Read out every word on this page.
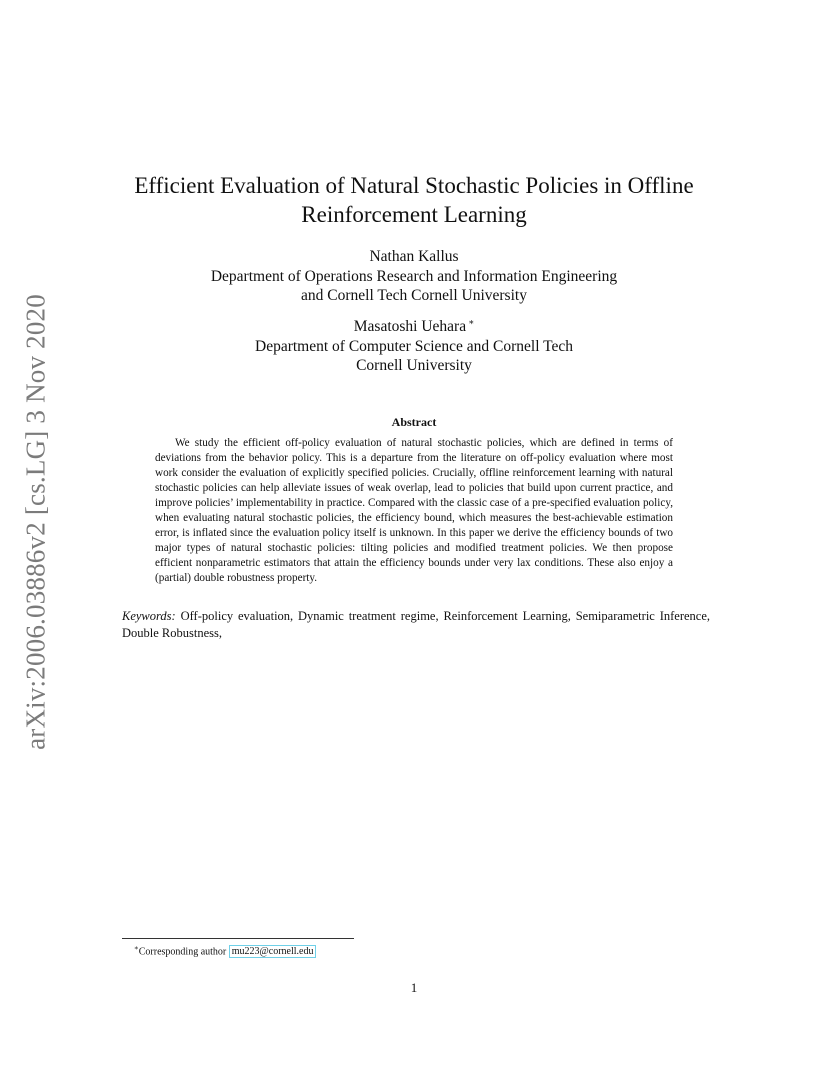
arXiv:2006.03886v2 [cs.LG] 3 Nov 2020
Efficient Evaluation of Natural Stochastic Policies in Offline
Reinforcement Learning
Nathan Kallus
Department of Operations Research and Information Engineering
and Cornell Tech Cornell University
Masatoshi Uehara ∗
Department of Computer Science and Cornell Tech
Cornell University
Abstract

We study the efficient off-policy evaluation of natural stochastic policies, which are defined in terms of deviations from the behavior policy. This is a departure from the literature on off-policy evaluation where most work consider the evaluation of explicitly specified policies. Crucially, offline reinforcement learning with natural stochastic policies can help alleviate issues of weak overlap, lead to policies that build upon current practice, and improve policies’ implementability in practice. Compared with the classic case of a pre-specified evaluation policy, when evaluating natural stochastic policies, the efficiency bound, which measures the best-achievable estimation error, is inflated since the evaluation policy itself is unknown. In this paper we derive the efficiency bounds of two major types of natural stochastic policies: tilting policies and modified treatment policies. We then propose efficient nonparametric estimators that attain the efficiency bounds under very lax conditions. These also enjoy a (partial) double robustness property.

Keywords: Off-policy evaluation, Dynamic treatment regime, Reinforcement Learning, Semiparametric Inference, Double Robustness,

∗Corresponding author mu223@cornell.edu
1
